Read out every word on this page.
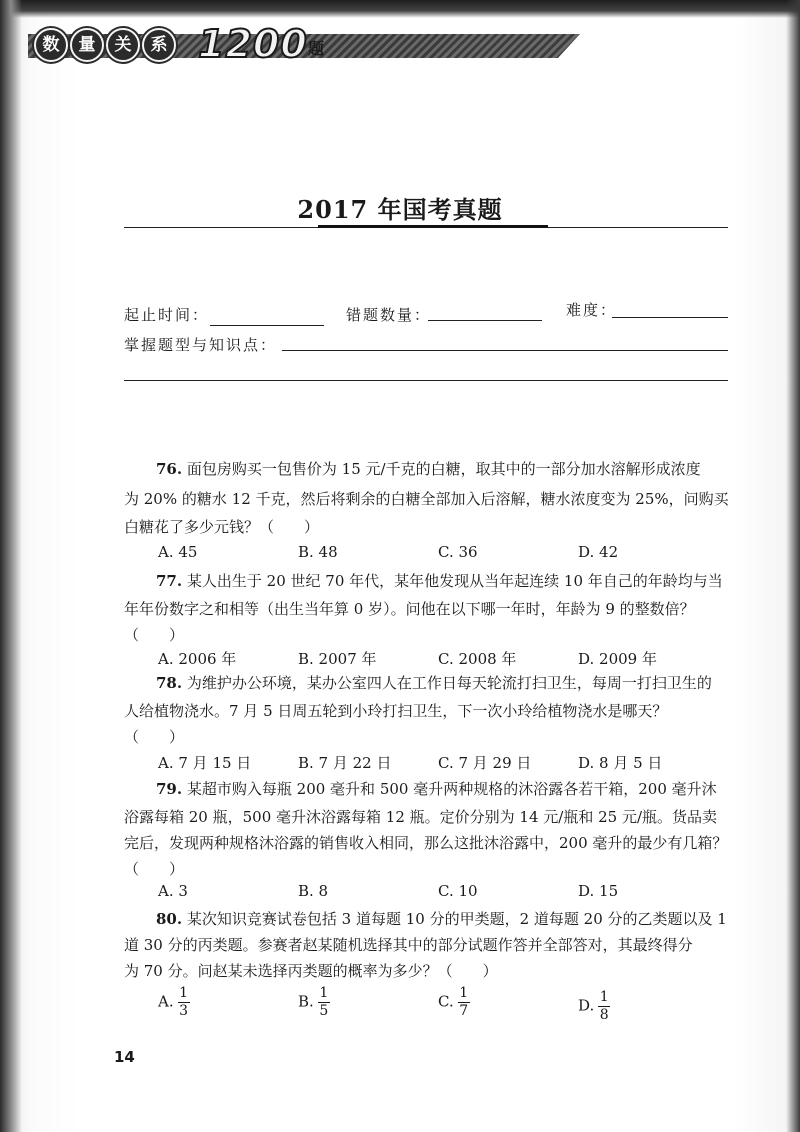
数	量	关	系 1200 题
2017 年国考真题
起止时间：	错题数量：	难度：
掌握题型与知识点：
76. 面包房购买一包售价为 15 元/千克的白糖，取其中的一部分加水溶解形成浓度
为 20% 的糖水 12 千克，然后将剩余的白糖全部加入后溶解，糖水浓度变为 25%，问购买
白糖花了多少元钱？（　　）
A. 45	B. 48	C. 36	D. 42
77. 某人出生于 20 世纪 70 年代，某年他发现从当年起连续 10 年自己的年龄均与当
年年份数字之和相等（出生当年算 0 岁）。问他在以下哪一年时，年龄为 9 的整数倍？
（　　）
A. 2006 年	B. 2007 年	C. 2008 年	D. 2009 年
78. 为维护办公环境，某办公室四人在工作日每天轮流打扫卫生，每周一打扫卫生的
人给植物浇水。7 月 5 日周五轮到小玲打扫卫生，下一次小玲给植物浇水是哪天？
（　　）
A. 7 月 15 日	B. 7 月 22 日	C. 7 月 29 日	D. 8 月 5 日
79. 某超市购入每瓶 200 毫升和 500 毫升两种规格的沐浴露各若干箱，200 毫升沐
浴露每箱 20 瓶，500 毫升沐浴露每箱 12 瓶。定价分别为 14 元/瓶和 25 元/瓶。货品卖
完后，发现两种规格沐浴露的销售收入相同，那么这批沐浴露中，200 毫升的最少有几箱？
（　　）
A. 3	B. 8	C. 10	D. 15
80. 某次知识竞赛试卷包括 3 道每题 10 分的甲类题，2 道每题 20 分的乙类题以及 1
道 30 分的丙类题。参赛者赵某随机选择其中的部分试题作答并全部答对，其最终得分
为 70 分。问赵某未选择丙类题的概率为多少？（　　）
A. $\frac{1}{3}$	B. $\frac{1}{5}$	C. $\frac{1}{7}$	D. $\frac{1}{8}$
14
